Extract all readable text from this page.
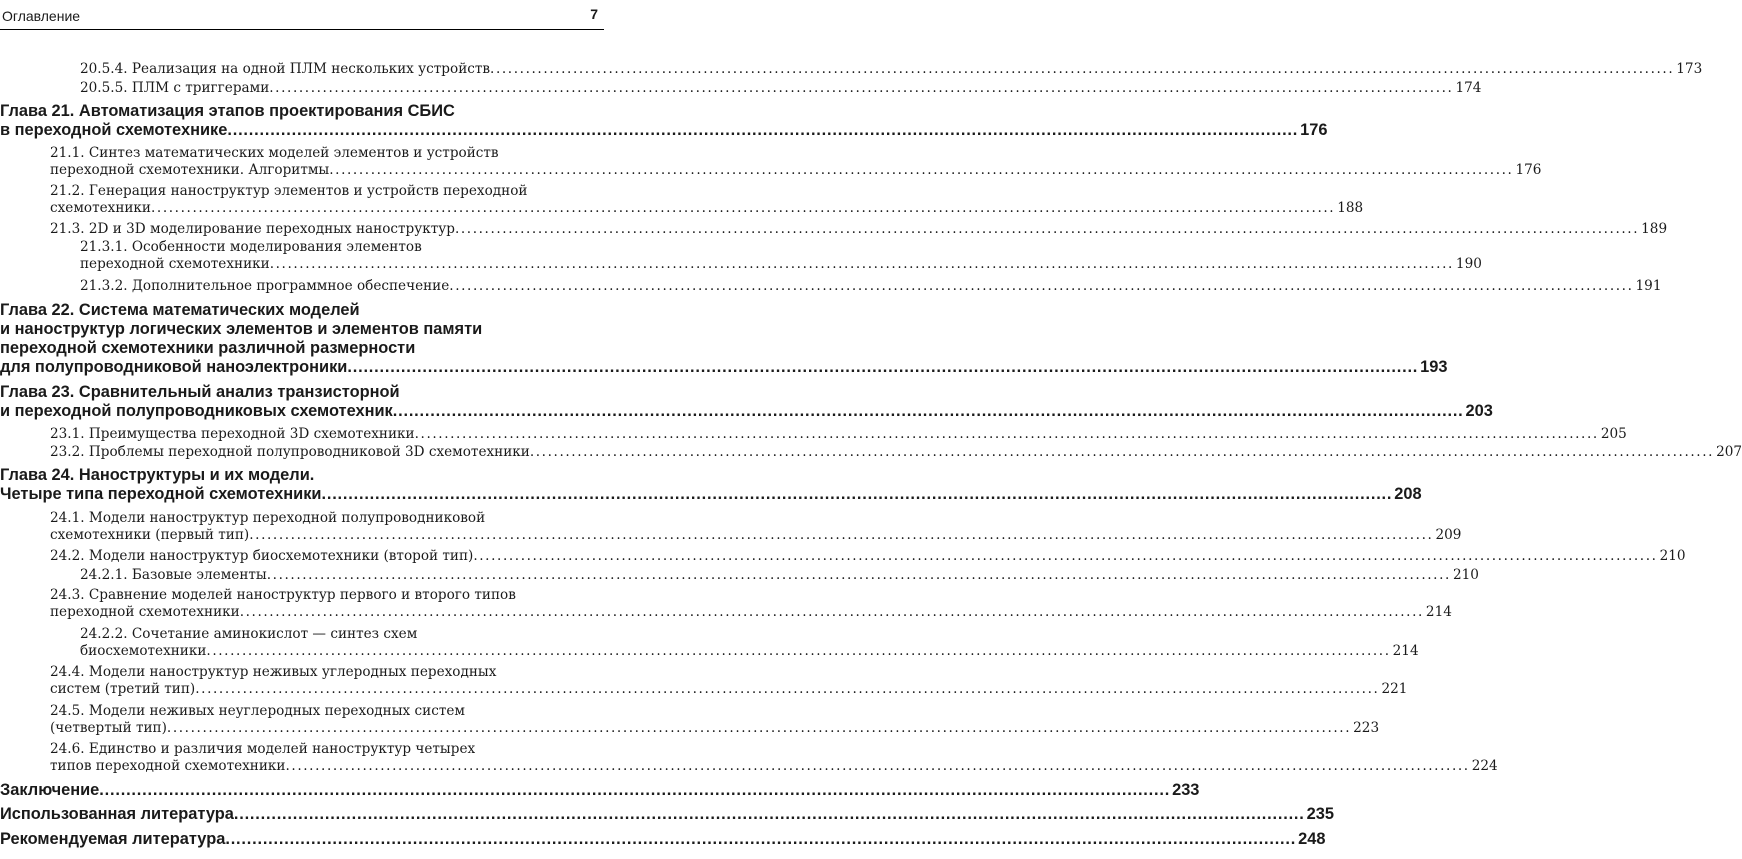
Оглавление	7
20.5.4. Реализация на одной ПЛМ нескольких устройств ........................................................................................................................................................................................................ 173
20.5.5. ПЛМ с триггерами ........................................................................................................................................................................................................ 174
Глава 21. Автоматизация этапов проектирования СБИС
в переходной схемотехнике ........................................................................................................................................................................................................ 176
21.1. Синтез математических моделей элементов и устройств
переходной схемотехники. Алгоритмы ........................................................................................................................................................................................................ 176
21.2. Генерация наноструктур элементов и устройств переходной
схемотехники ........................................................................................................................................................................................................ 188
21.3. 2D и 3D моделирование переходных наноструктур ........................................................................................................................................................................................................ 189
21.3.1. Особенности моделирования элементов
переходной схемотехники ........................................................................................................................................................................................................ 190
21.3.2. Дополнительное программное обеспечение ........................................................................................................................................................................................................ 191
Глава 22. Система математических моделей
и наноструктур логических элементов и элементов памяти
переходной схемотехники различной размерности
для полупроводниковой наноэлектроники ........................................................................................................................................................................................................ 193
Глава 23. Сравнительный анализ транзисторной
и переходной полупроводниковых схемотехник ........................................................................................................................................................................................................ 203
23.1. Преимущества переходной 3D схемотехники ........................................................................................................................................................................................................ 205
23.2. Проблемы переходной полупроводниковой 3D схемотехники ........................................................................................................................................................................................................ 207
Глава 24. Наноструктуры и их модели.
Четыре типа переходной схемотехники ........................................................................................................................................................................................................ 208
24.1. Модели наноструктур переходной полупроводниковой
схемотехники (первый тип) ........................................................................................................................................................................................................ 209
24.2. Модели наноструктур биосхемотехники (второй тип) ........................................................................................................................................................................................................ 210
24.2.1. Базовые элементы ........................................................................................................................................................................................................ 210
24.3. Сравнение моделей наноструктур первого и второго типов
переходной схемотехники ........................................................................................................................................................................................................ 214
24.2.2. Сочетание аминокислот — синтез схем
биосхемотехники ........................................................................................................................................................................................................ 214
24.4. Модели наноструктур неживых углеродных переходных
систем (третий тип) ........................................................................................................................................................................................................ 221
24.5. Модели неживых неуглеродных переходных систем
(четвертый тип) ........................................................................................................................................................................................................ 223
24.6. Единство и различия моделей наноструктур четырех
типов переходной схемотехники ........................................................................................................................................................................................................ 224
Заключение ........................................................................................................................................................................................................ 233
Использованная литература ........................................................................................................................................................................................................ 235
Рекомендуемая литература ........................................................................................................................................................................................................ 248
